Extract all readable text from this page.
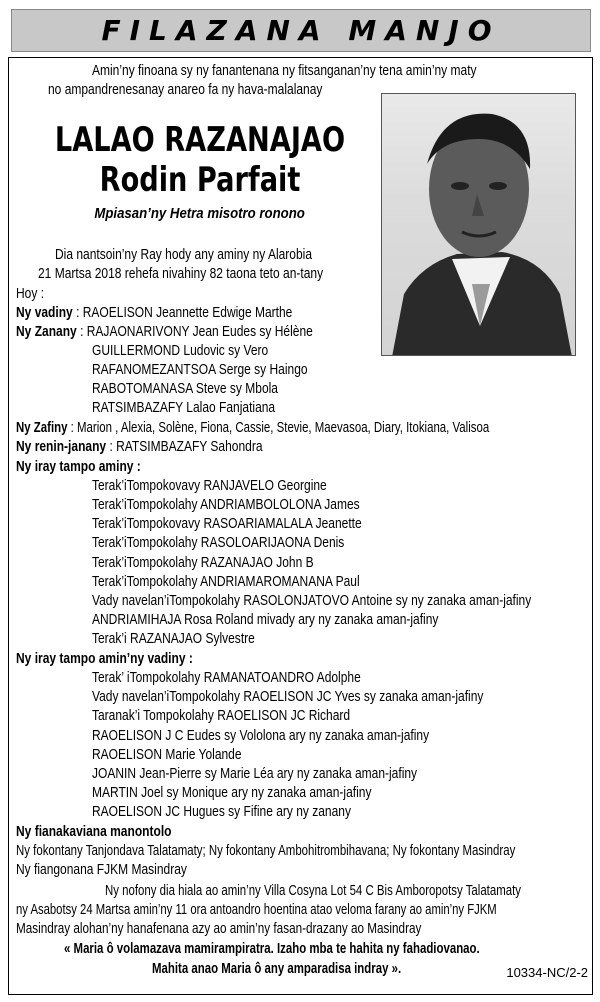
FILAZANA MANJO
Amin’ny finoana sy ny fanantenana ny fitsanganan’ny tena amin’ny maty
no ampandrenesanay anareo fa ny hava-malalanay
LALAO RAZANAJAO
Rodin Parfait
Mpiasan’ny Hetra misotro ronono
Dia nantsoin’ny Ray hody any aminy ny Alarobia
21 Martsa 2018 rehefa nivahiny 82 taona teto an-tany
Hoy :
Ny vadiny : RAOELISON Jeannette Edwige Marthe
Ny Zanany : RAJAONARIVONY Jean Eudes sy Hélène
GUILLERMOND Ludovic sy Vero
RAFANOMEZANTSOA Serge sy Haingo
RABOTOMANASA Steve sy Mbola
RATSIMBAZAFY Lalao Fanjatiana
Ny Zafiny : Marion , Alexia, Solène, Fiona, Cassie, Stevie, Maevasoa, Diary, Itokiana, Valisoa
Ny renin-janany : RATSIMBAZAFY Sahondra
Ny iray tampo aminy :
Terak’iTompokovavy RANJAVELO Georgine
Terak’iTompokolahy ANDRIAMBOLOLONA James
Terak’iTompokovavy RASOARIAMALALA Jeanette
Terak’iTompokolahy RASOLOARIJAONA Denis
Terak’iTompokolahy RAZANAJAO John B
Terak’iTompokolahy ANDRIAMAROMANANA Paul
Vady navelan’iTompokolahy RASOLONJATOVO Antoine sy ny zanaka aman-jafiny
ANDRIAMIHAJA Rosa Roland mivady ary ny zanaka aman-jafiny
Terak’i RAZANAJAO Sylvestre
Ny iray tampo amin’ny vadiny :
Terak’ iTompokolahy RAMANATOANDRO Adolphe
Vady navelan’iTompokolahy RAOELISON JC Yves sy zanaka aman-jafiny
Taranak’i Tompokolahy RAOELISON JC Richard
RAOELISON J C Eudes sy Vololona ary ny zanaka aman-jafiny
RAOELISON Marie Yolande
JOANIN Jean-Pierre sy Marie Léa ary ny zanaka aman-jafiny
MARTIN Joel sy Monique ary ny zanaka aman-jafiny
RAOELISON JC Hugues sy Fifine ary ny zanany
Ny fianakaviana manontolo
Ny fokontany Tanjondava Talatamaty; Ny fokontany Ambohitrombihavana; Ny fokontany Masindray
Ny fiangonana FJKM Masindray
Ny nofony dia hiala ao amin’ny Villa Cosyna Lot 54 C Bis Amboropotsy Talatamaty
ny Asabotsy 24 Martsa amin’ny 11 ora antoandro hoentina atao veloma farany ao amin’ny FJKM
Masindray alohan’ny hanafenana azy ao amin’ny fasan-drazany ao Masindray
« Maria ô volamazava mamirampiratra. Izaho mba te hahita ny fahadiovanao.
Mahita anao Maria ô any amparadisa indray ».	10334-NC/2-2
